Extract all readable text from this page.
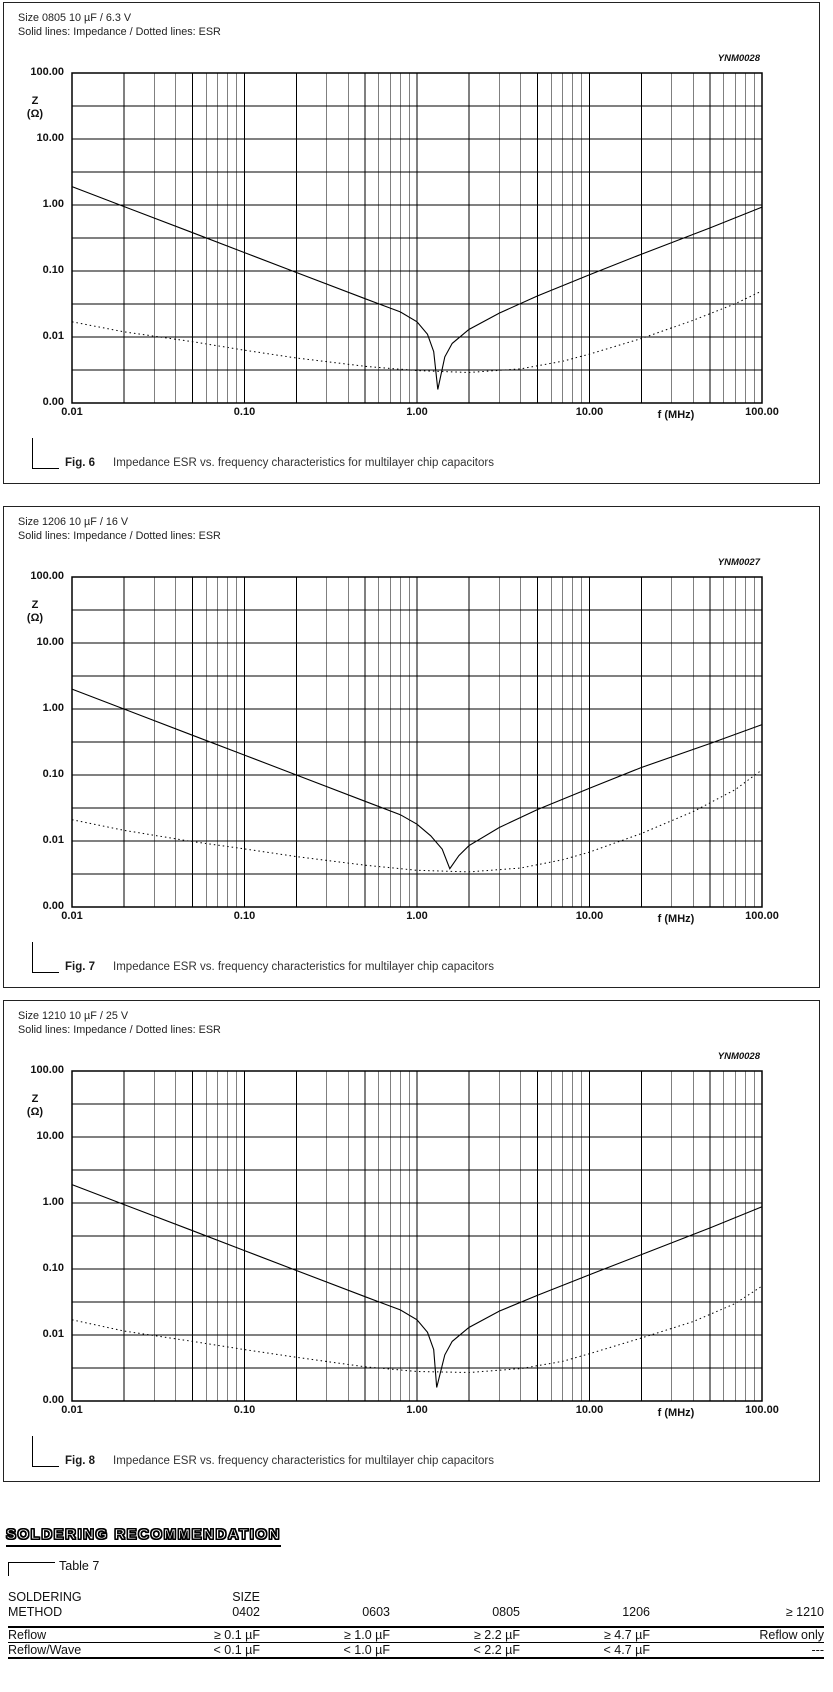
Size 0805 10 µF / 6.3 V
Solid lines: Impedance / Dotted lines: ESR
YNM0028
Z
(Ω)
f (MHz)
100.00
10.00
1.00
0.10
0.01
0.00
0.01	0.10	1.00	10.00	100.00
Fig. 6 Impedance ESR vs. frequency characteristics for multilayer chip capacitors
Size 1206 10 µF / 16 V
Solid lines: Impedance / Dotted lines: ESR
YNM0027
Z
(Ω)
f (MHz)
100.00
10.00
1.00
0.10
0.01
0.00
0.01	0.10	1.00	10.00	100.00
Fig. 7 Impedance ESR vs. frequency characteristics for multilayer chip capacitors
Size 1210 10 µF / 25 V
Solid lines: Impedance / Dotted lines: ESR
YNM0028
Z
(Ω)
f (MHz)
100.00
10.00
1.00
0.10
0.01
0.00
0.01	0.10	1.00	10.00	100.00
Fig. 8 Impedance ESR vs. frequency characteristics for multilayer chip capacitors
SOLDERING RECOMMENDATION
Table 7
SOLDERING	SIZE				
METHOD	0402	0603	0805	1206	≥ 1210
Reflow	≥ 0.1 µF	≥ 1.0 µF	≥ 2.2 µF	≥ 4.7 µF	Reflow only
Reflow/Wave	< 0.1 µF	< 1.0 µF	< 2.2 µF	< 4.7 µF	---
